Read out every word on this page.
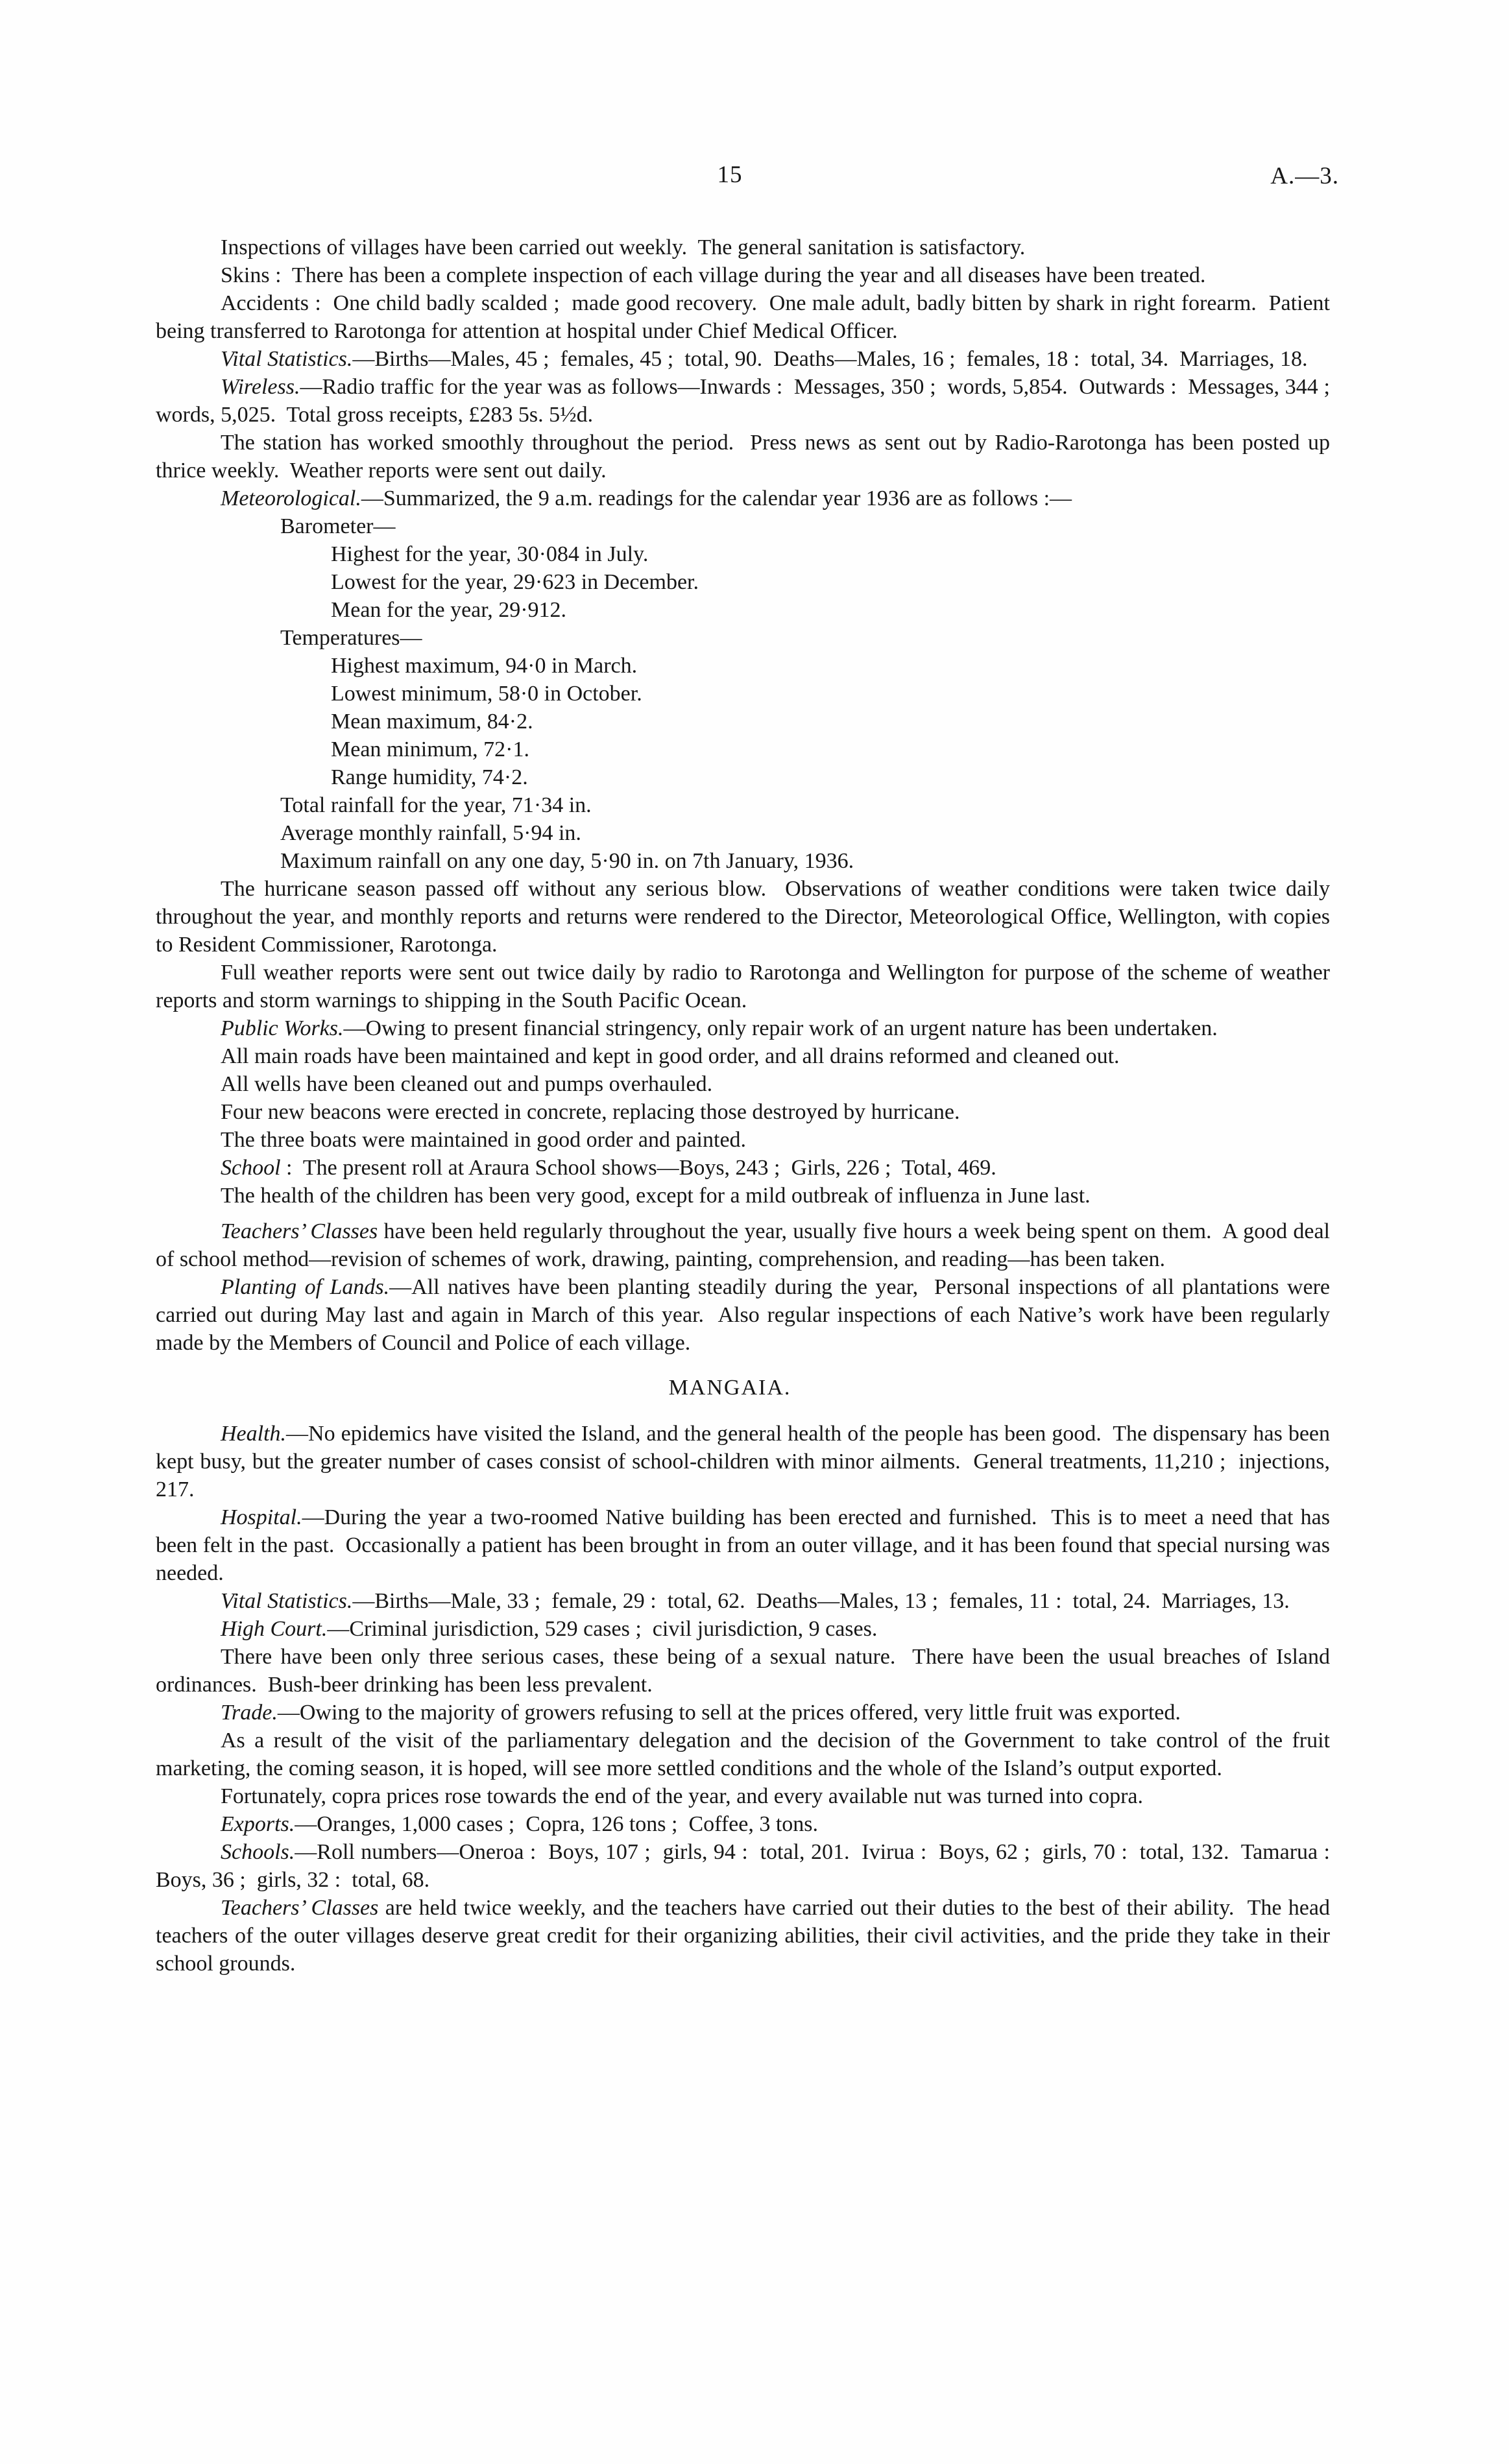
15	A.—3.

Inspections of villages have been carried out weekly.  The general sanitation is satisfactory.

Skins :  There has been a complete inspection of each village during the year and all diseases have been treated.

Accidents :  One child badly scalded ;  made good recovery.  One male adult, badly bitten by shark in right forearm.  Patient being transferred to Rarotonga for attention at hospital under Chief Medical Officer.

Vital Statistics.—Births—Males, 45 ;  females, 45 ;  total, 90.  Deaths—Males, 16 ;  females, 18 :  total, 34.  Marriages, 18.

Wireless.—Radio traffic for the year was as follows—Inwards :  Messages, 350 ;  words, 5,854.  Outwards :  Messages, 344 ;  words, 5,025.  Total gross receipts, £283 5s. 5½d.

The station has worked smoothly throughout the period.  Press news as sent out by Radio-Rarotonga has been posted up thrice weekly.  Weather reports were sent out daily.

Meteorological.—Summarized, the 9 a.m. readings for the calendar year 1936 are as follows :—

Barometer—
Highest for the year, 30·084 in July.
Lowest for the year, 29·623 in December.
Mean for the year, 29·912.
Temperatures—
Highest maximum, 94·0 in March.
Lowest minimum, 58·0 in October.
Mean maximum, 84·2.
Mean minimum, 72·1.
Range humidity, 74·2.
Total rainfall for the year, 71·34 in.
Average monthly rainfall, 5·94 in.
Maximum rainfall on any one day, 5·90 in. on 7th January, 1936.

The hurricane season passed off without any serious blow.  Observations of weather conditions were taken twice daily throughout the year, and monthly reports and returns were rendered to the Director, Meteorological Office, Wellington, with copies to Resident Commissioner, Rarotonga.

Full weather reports were sent out twice daily by radio to Rarotonga and Wellington for purpose of the scheme of weather reports and storm warnings to shipping in the South Pacific Ocean.

Public Works.—Owing to present financial stringency, only repair work of an urgent nature has been undertaken.

All main roads have been maintained and kept in good order, and all drains reformed and cleaned out.

All wells have been cleaned out and pumps overhauled.

Four new beacons were erected in concrete, replacing those destroyed by hurricane.

The three boats were maintained in good order and painted.

School :  The present roll at Araura School shows—Boys, 243 ;  Girls, 226 ;  Total, 469.

The health of the children has been very good, except for a mild outbreak of influenza in June last.

Teachers’ Classes have been held regularly throughout the year, usually five hours a week being spent on them.  A good deal of school method—revision of schemes of work, drawing, painting, comprehension, and reading—has been taken.

Planting of Lands.—All natives have been planting steadily during the year,  Personal inspections of all plantations were carried out during May last and again in March of this year.  Also regular inspections of each Native’s work have been regularly made by the Members of Council and Police of each village.

MANGAIA.

Health.—No epidemics have visited the Island, and the general health of the people has been good.  The dispensary has been kept busy, but the greater number of cases consist of school-children with minor ailments.  General treatments, 11,210 ;  injections, 217.

Hospital.—During the year a two-roomed Native building has been erected and furnished.  This is to meet a need that has been felt in the past.  Occasionally a patient has been brought in from an outer village, and it has been found that special nursing was needed.

Vital Statistics.—Births—Male, 33 ;  female, 29 :  total, 62.  Deaths—Males, 13 ;  females, 11 :  total, 24.  Marriages, 13.

High Court.—Criminal jurisdiction, 529 cases ;  civil jurisdiction, 9 cases.

There have been only three serious cases, these being of a sexual nature.  There have been the usual breaches of Island ordinances.  Bush-beer drinking has been less prevalent.

Trade.—Owing to the majority of growers refusing to sell at the prices offered, very little fruit was exported.

As a result of the visit of the parliamentary delegation and the decision of the Government to take control of the fruit marketing, the coming season, it is hoped, will see more settled conditions and the whole of the Island’s output exported.

Fortunately, copra prices rose towards the end of the year, and every available nut was turned into copra.

Exports.—Oranges, 1,000 cases ;  Copra, 126 tons ;  Coffee, 3 tons.

Schools.—Roll numbers—Oneroa :  Boys, 107 ;  girls, 94 :  total, 201.  Ivirua :  Boys, 62 ;  girls, 70 :  total, 132.  Tamarua :  Boys, 36 ;  girls, 32 :  total, 68.

Teachers’ Classes are held twice weekly, and the teachers have carried out their duties to the best of their ability.  The head teachers of the outer villages deserve great credit for their organizing abilities, their civil activities, and the pride they take in their school grounds.
